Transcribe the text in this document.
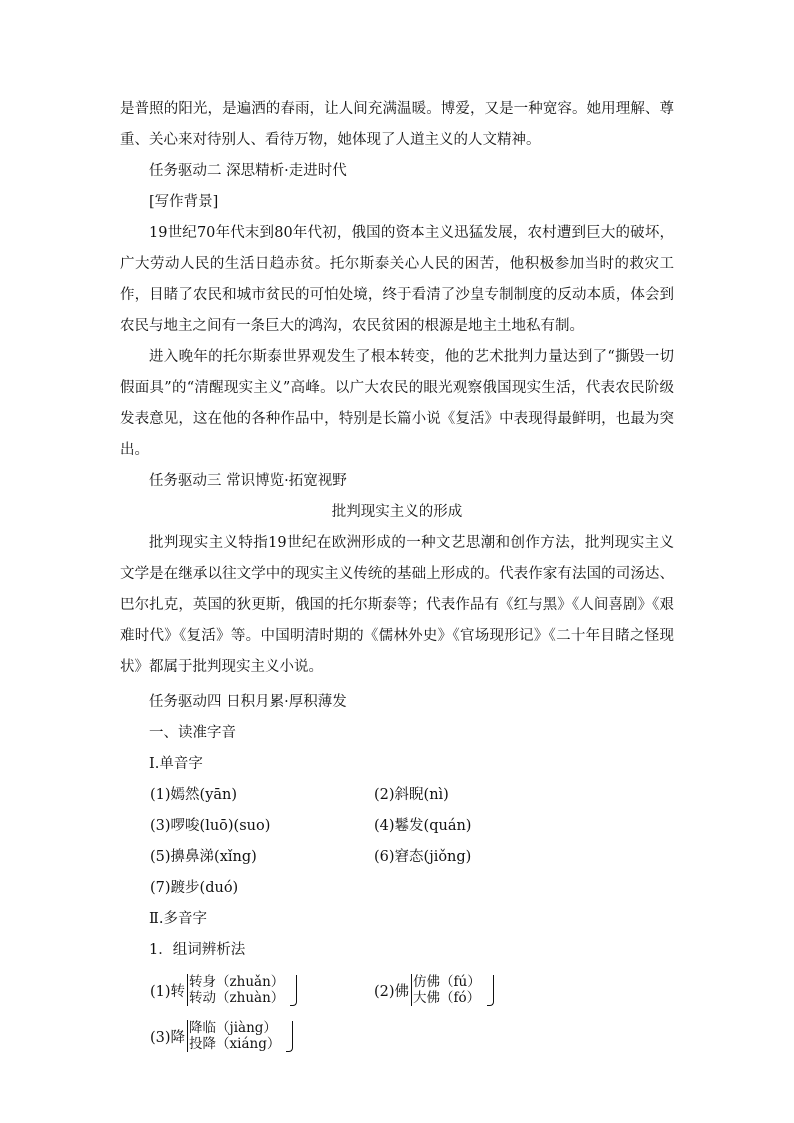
是普照的阳光，是遍洒的春雨，让人间充满温暖。博爱，又是一种宽容。她用理解、尊重、关心来对待别人、看待万物，她体现了人道主义的人文精神。

任务驱动二 深思精析·走进时代

[写作背景]

19世纪70年代末到80年代初，俄国的资本主义迅猛发展，农村遭到巨大的破坏，广大劳动人民的生活日趋赤贫。托尔斯泰关心人民的困苦，他积极参加当时的救灾工作，目睹了农民和城市贫民的可怕处境，终于看清了沙皇专制制度的反动本质，体会到农民与地主之间有一条巨大的鸿沟，农民贫困的根源是地主土地私有制。

进入晚年的托尔斯泰世界观发生了根本转变，他的艺术批判力量达到了“撕毁一切假面具”的“清醒现实主义”高峰。以广大农民的眼光观察俄国现实生活，代表农民阶级发表意见，这在他的各种作品中，特别是长篇小说《复活》中表现得最鲜明，也最为突出。

任务驱动三 常识博览·拓宽视野

批判现实主义的形成

批判现实主义特指19世纪在欧洲形成的一种文艺思潮和创作方法，批判现实主义文学是在继承以往文学中的现实主义传统的基础上形成的。代表作家有法国的司汤达、巴尔扎克，英国的狄更斯，俄国的托尔斯泰等；代表作品有《红与黑》《人间喜剧》《艰难时代》《复活》等。中国明清时期的《儒林外史》《官场现形记》《二十年目睹之怪现状》都属于批判现实主义小说。

任务驱动四 日积月累·厚积薄发

一、读准字音

Ⅰ.单音字

(1)嫣然(yān)	(2)斜睨(nì)
(3)啰唆(luō)(suo)	(4)鬈发(quán)
(5)擤鼻涕(xǐng)	(6)窘态(jiǒng)
(7)踱步(duó)

Ⅱ.多音字

1．组词辨析法

(1)转
转身（zhuǎn）
转动（zhuàn）	(2)佛
仿佛（fú）
大佛（fó）
(3)降
降临（jiàng）
投降（xiáng）
